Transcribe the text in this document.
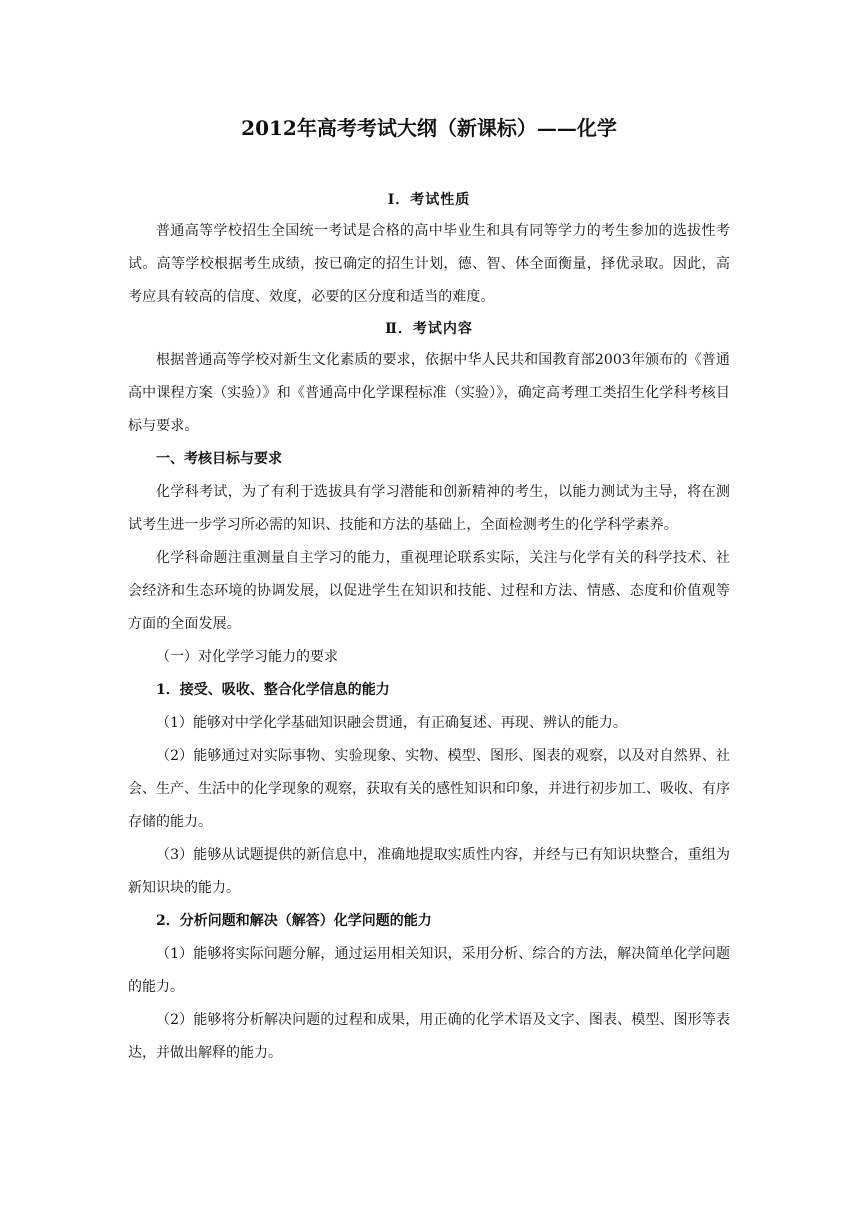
2012年高考考试大纲（新课标）——化学
Ⅰ．考试性质

普通高等学校招生全国统一考试是合格的高中毕业生和具有同等学力的考生参加的选拔性考试。高等学校根据考生成绩，按已确定的招生计划，德、智、体全面衡量，择优录取。因此，高考应具有较高的信度、效度，必要的区分度和适当的难度。

Ⅱ．考试内容

根据普通高等学校对新生文化素质的要求，依据中华人民共和国教育部2003年颁布的《普通高中课程方案（实验）》和《普通高中化学课程标准（实验）》，确定高考理工类招生化学科考核目标与要求。

一、考核目标与要求

化学科考试，为了有利于选拔具有学习潜能和创新精神的考生，以能力测试为主导，将在测试考生进一步学习所必需的知识、技能和方法的基础上，全面检测考生的化学科学素养。

化学科命题注重测量自主学习的能力，重视理论联系实际，关注与化学有关的科学技术、社会经济和生态环境的协调发展，以促进学生在知识和技能、过程和方法、情感、态度和价值观等方面的全面发展。

（一）对化学学习能力的要求

1．接受、吸收、整合化学信息的能力

（1）能够对中学化学基础知识融会贯通，有正确复述、再现、辨认的能力。

（2）能够通过对实际事物、实验现象、实物、模型、图形、图表的观察，以及对自然界、社会、生产、生活中的化学现象的观察，获取有关的感性知识和印象，并进行初步加工、吸收、有序存储的能力。

（3）能够从试题提供的新信息中，准确地提取实质性内容，并经与已有知识块整合，重组为新知识块的能力。

2．分析问题和解决（解答）化学问题的能力

（1）能够将实际问题分解，通过运用相关知识，采用分析、综合的方法，解决简单化学问题的能力。

（2）能够将分析解决问题的过程和成果，用正确的化学术语及文字、图表、模型、图形等表达，并做出解释的能力。
